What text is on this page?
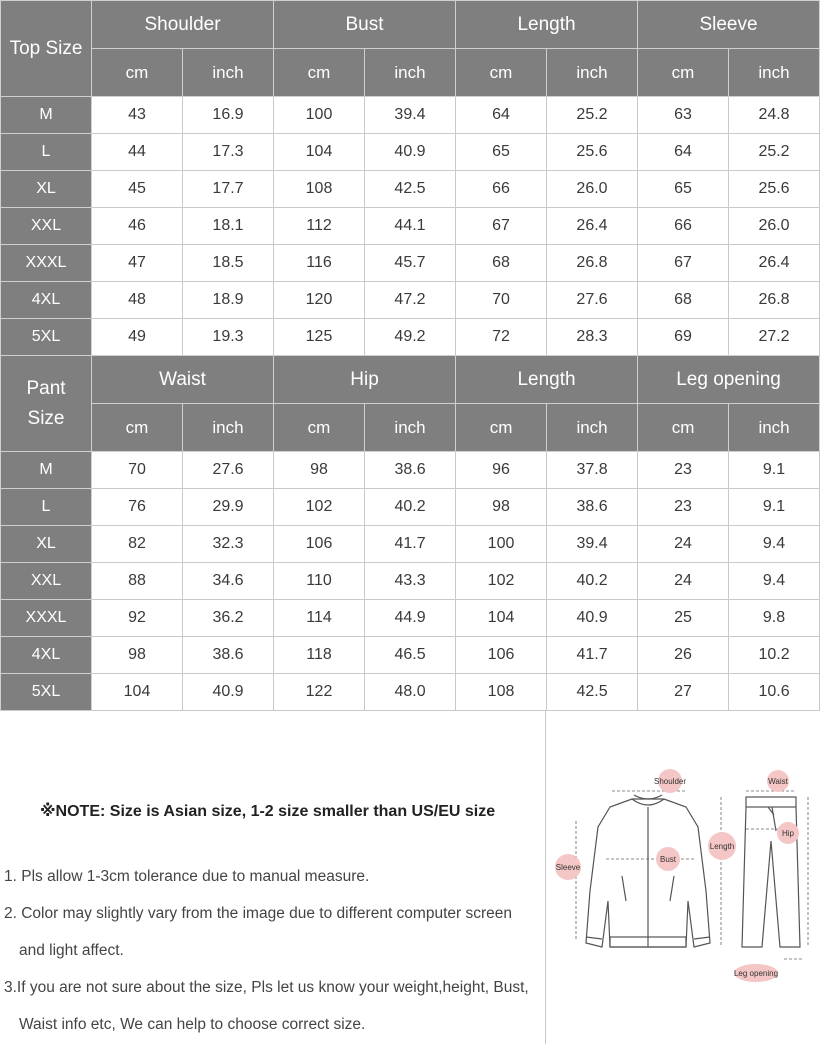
Top Size	Shoulder		Bust		Length		Sleeve	
	cm	inch	cm	inch	cm	inch	cm	inch
M	43	16.9	100	39.4	64	25.2	63	24.8
L	44	17.3	104	40.9	65	25.6	64	25.2
XL	45	17.7	108	42.5	66	26.0	65	25.6
XXL	46	18.1	112	44.1	67	26.4	66	26.0
XXXL	47	18.5	116	45.7	68	26.8	67	26.4
4XL	48	18.9	120	47.2	70	27.6	68	26.8
5XL	49	19.3	125	49.2	72	28.3	69	27.2
Pant
Size	Waist		Hip		Length		Leg opening	
	cm	inch	cm	inch	cm	inch	cm	inch
M	70	27.6	98	38.6	96	37.8	23	9.1
L	76	29.9	102	40.2	98	38.6	23	9.1
XL	82	32.3	106	41.7	100	39.4	24	9.4
XXL	88	34.6	110	43.3	102	40.2	24	9.4
XXXL	92	36.2	114	44.9	104	40.9	25	9.8
4XL	98	38.6	118	46.5	106	41.7	26	10.2
5XL	104	40.9	122	48.0	108	42.5	27	10.6
※NOTE: Size is Asian size, 1-2 size smaller than US/EU size
1. Pls allow 1-3cm tolerance due to manual measure.
2. Color may slightly vary from the image due to different computer screen
and light affect.
3.If you are not sure about the size, Pls let us know your weight,height, Bust,
Waist info etc, We can help to choose correct size.
Shoulder
Bust
Sleeve
Length
Waist
Hip
Leg opening
